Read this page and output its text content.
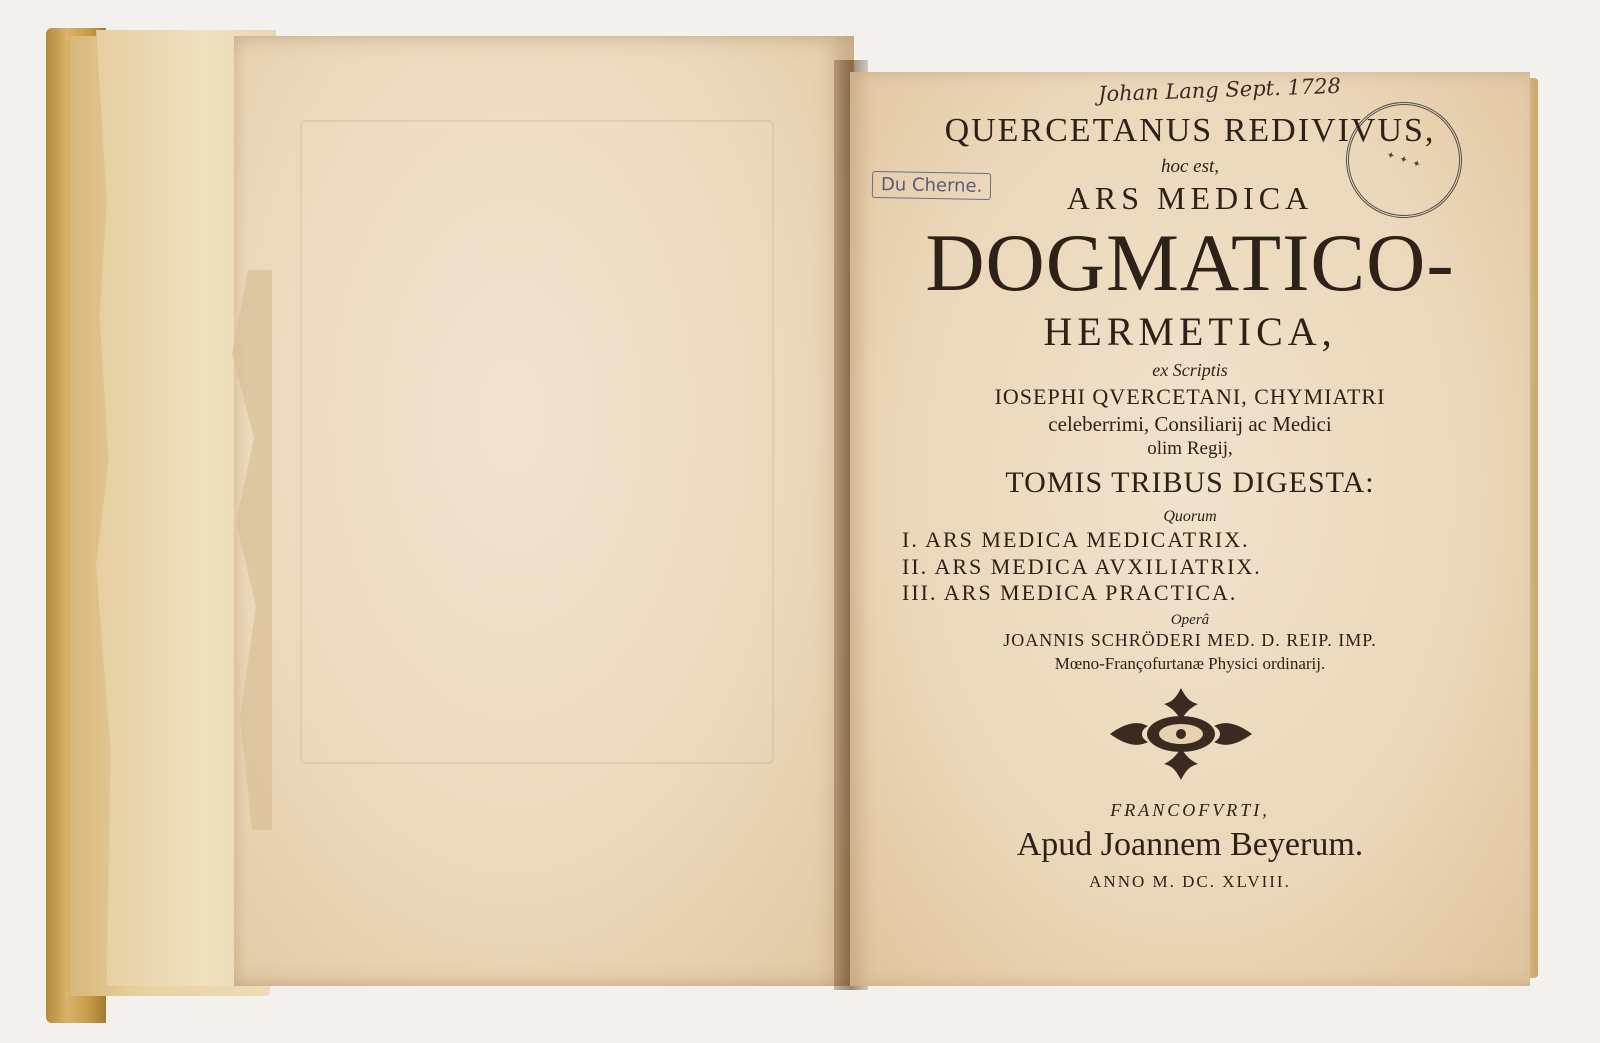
Johan Lang Sept. 1728
Du Cherne.
✦ ✦ ✦
QUERCETANUS REDIVIVUS,
hoc est,
ARS MEDICA
DOGMATICO-
HERMETICA,
ex Scriptis
IOSEPHI QVERCETANI, CHYMIATRI
celeberrimi, Consiliarij ac Medici
olim Regij,
TOMIS TRIBUS DIGESTA:
Quorum
I. ARS MEDICA MEDICATRIX.
II. ARS MEDICA AVXILIATRIX.
III. ARS MEDICA PRACTICA.
Operâ
JOANNIS SCHRÖDERI MED. D. REIP. IMP.
Mœno-Françofurtanæ Physici ordinarij.
FRANCOFVRTI,
Apud Joannem Beyerum.
ANNO M. DC. XLVIII.
